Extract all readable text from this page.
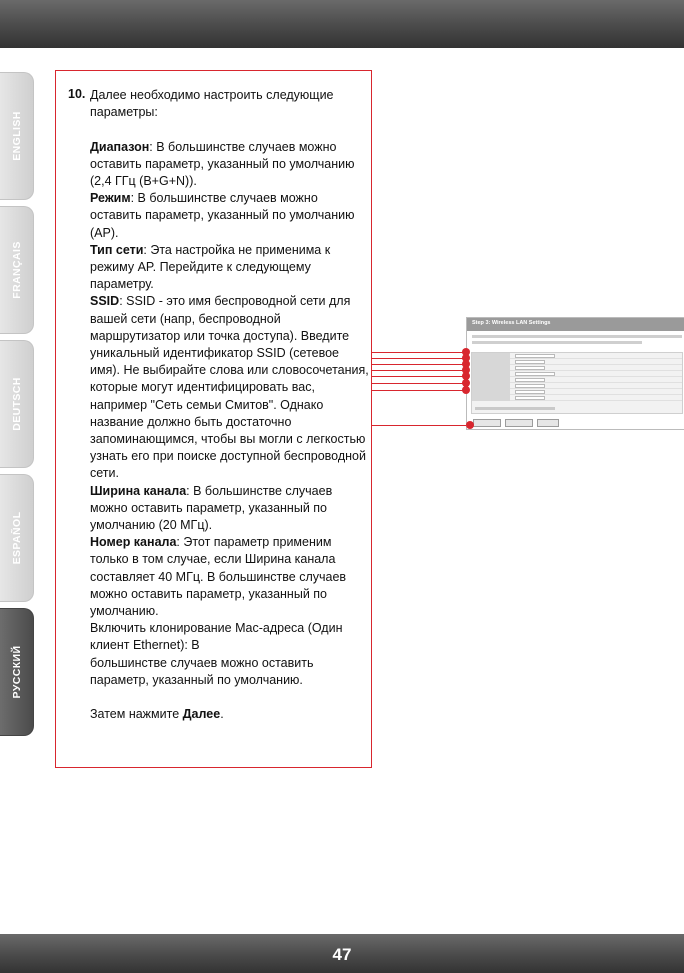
ENGLISH
FRANÇAIS
DEUTSCH
ESPAÑOL
РУССКИЙ
10. Далее необходимо настроить следующие параметры:
Диапазон: В большинстве случаев можно оставить параметр, указанный по умолчанию (2,4 ГГц (B+G+N)).
Режим: В большинстве случаев можно оставить параметр, указанный по умолчанию (AP).
Тип сети: Эта настройка не применима к режиму AP. Перейдите к следующему параметру.
SSID: SSID - это имя беспроводной сети для вашей сети (напр, беспроводной маршрутизатор или точка доступа). Введите уникальный идентификатор SSID (сетевое имя). Не выбирайте слова или словосочетания, которые могут идентифицировать вас, например "Сеть семьи Смитов". Однако название должно быть достаточно запоминающимся, чтобы вы могли с легкостью узнать его при поиске доступной беспроводной сети.
Ширина канала: В большинстве случаев можно оставить параметр, указанный по умолчанию (20 МГц).
Номер канала: Этот параметр применим только в том случае, если Ширина канала составляет 40 МГц. В большинстве случаев можно оставить параметр, указанный по умолчанию.
Включить клонирование Mac-адреса (Один клиент Ethernet): В
большинстве случаев можно оставить параметр, указанный по умолчанию.
Затем нажмите Далее.
Step 3: Wireless LAN Settings
47
